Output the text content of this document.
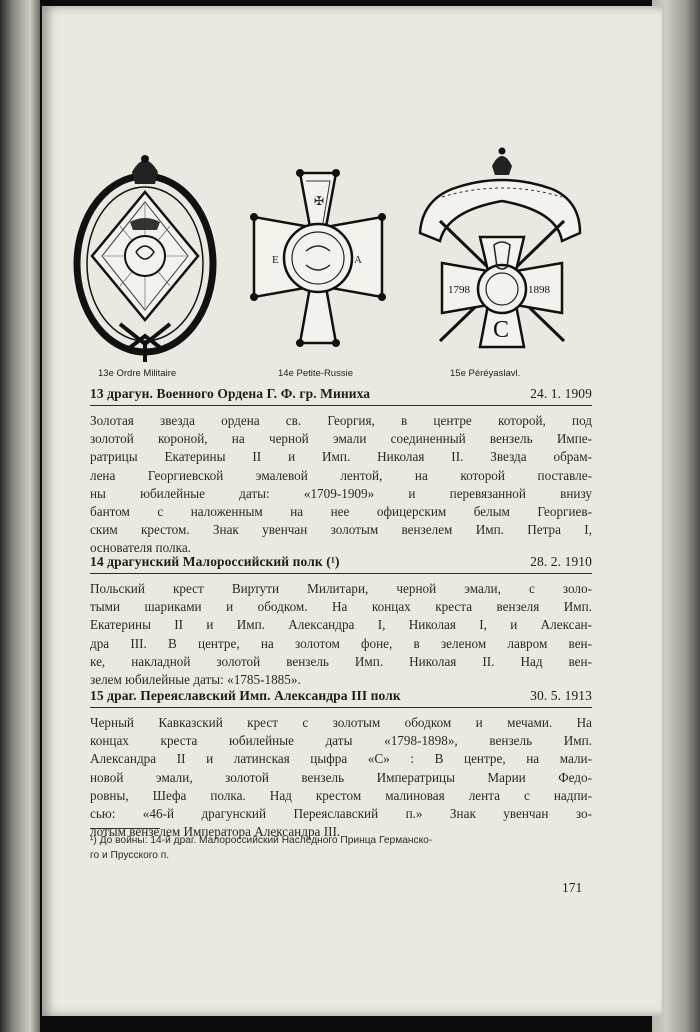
✠
E	A
1798	1898
C
13e Ordre Militaire	14e Petite-Russie	15e Péréyaslavl.
13 драгун. Военного Ордена Г. Ф. гр. Миниха	24. 1. 1909
Золотая звезда ордена св. Георгия, в центре которой, под
золотой короной, на черной эмали соединенный вензель Импе-
ратрицы Екатерины II и Имп. Николая II. Звезда обрам-
лена Георгиевской эмалевой лентой, на которой поставле-
ны юбилейные даты: «1709-1909» и перевязанной внизу
бантом с наложенным на нее офицерским белым Георгиев-
ским крестом. Знак увенчан золотым вензелем Имп. Петра I,
основателя полка.
14 драгунский Малороссийский полк (¹)	28. 2. 1910
Польский крест Виртути Милитари, черной эмали, с золо-
тыми шариками и ободком. На концах креста вензеля Имп.
Екатерины II и Имп. Александра I, Николая I, и Алексан-
дра III. В центре, на золотом фоне, в зеленом лавром вен-
ке, накладной золотой вензель Имп. Николая II. Над вен-
зелем юбилейные даты: «1785-1885».
15 драг. Переяславский Имп. Александра III полк	30. 5. 1913
Черный Кавказский крест с золотым ободком и мечами. На
концах креста юбилейные даты «1798-1898», вензель Имп.
Александра II и латинская цыфра «С» : В центре, на мали-
новой эмали, золотой вензель Императрицы Марии Федо-
ровны, Шефа полка. Над крестом малиновая лента с надпи-
сью: «46-й драгунский Переяславский п.» Знак увенчан зо-
лотым вензелем Императора Александра III.
¹) До войны: 14-й драг. Малороссийский Наследного Принца Германско-
го и Прусского п.
171
